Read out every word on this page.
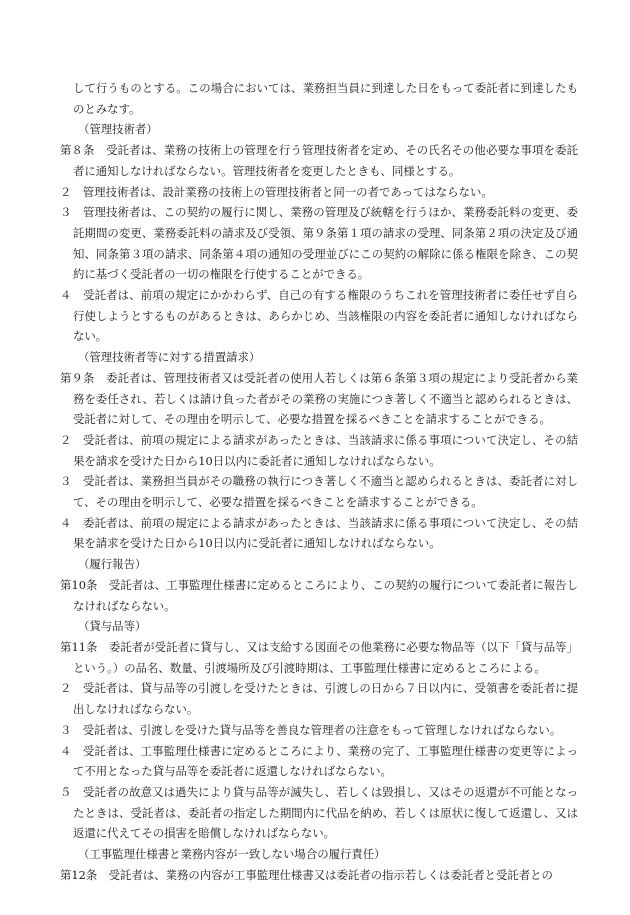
して行うものとする。この場合においては、業務担当員に到達した日をもって委託者に到達したものとみなす。

（管理技術者）

第８条　受託者は、業務の技術上の管理を行う管理技術者を定め、その氏名その他必要な事項を委託者に通知しなければならない。管理技術者を変更したときも、同様とする。

２　管理技術者は、設計業務の技術上の管理技術者と同一の者であってはならない。

３　管理技術者は、この契約の履行に関し、業務の管理及び統轄を行うほか、業務委託料の変更、委託期間の変更、業務委託料の請求及び受領、第９条第１項の請求の受理、同条第２項の決定及び通知、同条第３項の請求、同条第４項の通知の受理並びにこの契約の解除に係る権限を除き、この契約に基づく受託者の一切の権限を行使することができる。

４　受託者は、前項の規定にかかわらず、自己の有する権限のうちこれを管理技術者に委任せず自ら行使しようとするものがあるときは、あらかじめ、当該権限の内容を委託者に通知しなければならない。

（管理技術者等に対する措置請求）

第９条　委託者は、管理技術者又は受託者の使用人若しくは第６条第３項の規定により受託者から業務を委任され、若しくは請け負った者がその業務の実施につき著しく不適当と認められるときは、受託者に対して、その理由を明示して、必要な措置を採るべきことを請求することができる。

２　受託者は、前項の規定による請求があったときは、当該請求に係る事項について決定し、その結果を請求を受けた日から10日以内に委託者に通知しなければならない。

３　受託者は、業務担当員がその職務の執行につき著しく不適当と認められるときは、委託者に対して、その理由を明示して、必要な措置を採るべきことを請求することができる。

４　委託者は、前項の規定による請求があったときは、当該請求に係る事項について決定し、その結果を請求を受けた日から10日以内に受託者に通知しなければならない。

（履行報告）

第10条　受託者は、工事監理仕様書に定めるところにより、この契約の履行について委託者に報告しなければならない。

（貸与品等）

第11条　委託者が受託者に貸与し、又は支給する図面その他業務に必要な物品等（以下「貸与品等」という。）の品名、数量、引渡場所及び引渡時期は、工事監理仕様書に定めるところによる。

２　受託者は、貸与品等の引渡しを受けたときは、引渡しの日から７日以内に、受領書を委託者に提出しなければならない。

３　受託者は、引渡しを受けた貸与品等を善良な管理者の注意をもって管理しなければならない。

４　受託者は、工事監理仕様書に定めるところにより、業務の完了、工事監理仕様書の変更等によって不用となった貸与品等を委託者に返還しなければならない。

５　受託者の故意又は過失により貸与品等が滅失し、若しくは毀損し、又はその返還が不可能となったときは、受託者は、委託者の指定した期間内に代品を納め、若しくは原状に復して返還し、又は返還に代えてその損害を賠償しなければならない。

（工事監理仕様書と業務内容が一致しない場合の履行責任）

第12条　受託者は、業務の内容が工事監理仕様書又は委託者の指示若しくは委託者と受託者との
